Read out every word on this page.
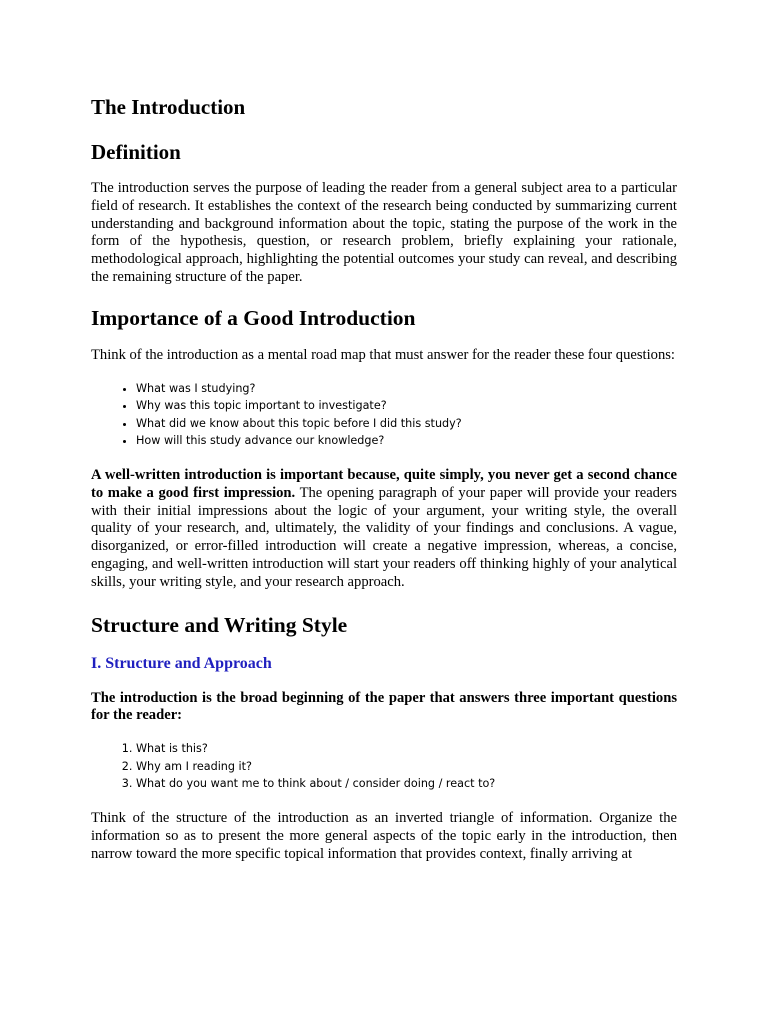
The Introduction
Definition

The introduction serves the purpose of leading the reader from a general subject area to a particular field of research. It establishes the context of the research being conducted by summarizing current understanding and background information about the topic, stating the purpose of the work in the form of the hypothesis, question, or research problem, briefly explaining your rationale, methodological approach, highlighting the potential outcomes your study can reveal, and describing the remaining structure of the paper.

Importance of a Good Introduction

Think of the introduction as a mental road map that must answer for the reader these four questions:

• What was I studying?
• Why was this topic important to investigate?
• What did we know about this topic before I did this study?
• How will this study advance our knowledge?

A well-written introduction is important because, quite simply, you never get a second chance to make a good first impression. The opening paragraph of your paper will provide your readers with their initial impressions about the logic of your argument, your writing style, the overall quality of your research, and, ultimately, the validity of your findings and conclusions. A vague, disorganized, or error-filled introduction will create a negative impression, whereas, a concise, engaging, and well-written introduction will start your readers off thinking highly of your analytical skills, your writing style, and your research approach.

Structure and Writing Style
I. Structure and Approach

The introduction is the broad beginning of the paper that answers three important questions for the reader:

1. What is this?
2. Why am I reading it?
3. What do you want me to think about / consider doing / react to?

Think of the structure of the introduction as an inverted triangle of information. Organize the information so as to present the more general aspects of the topic early in the introduction, then narrow toward the more specific topical information that provides context, finally arriving at
